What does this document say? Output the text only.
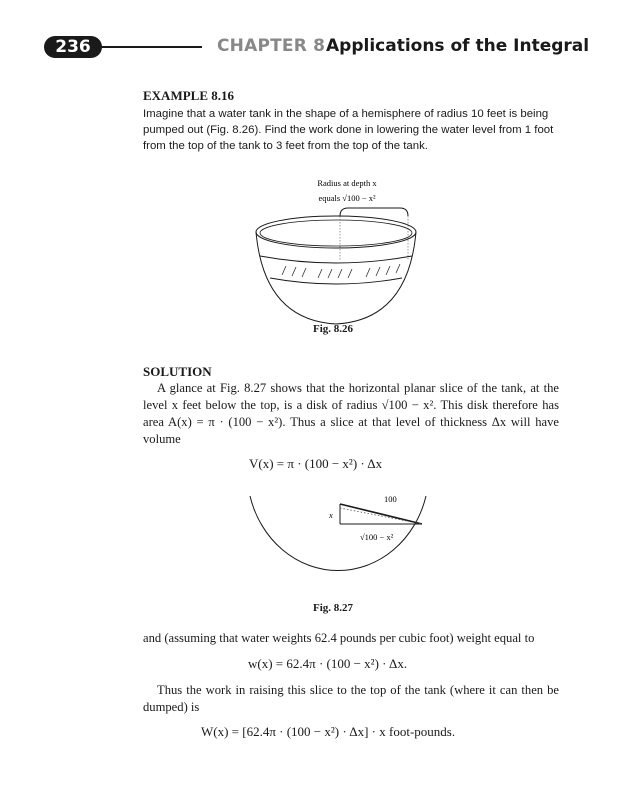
236	CHAPTER 8 Applications of the Integral
EXAMPLE 8.16
Imagine that a water tank in the shape of a hemisphere of radius 10 feet is being pumped out (Fig. 8.26). Find the work done in lowering the water level from 1 foot from the top of the tank to 3 feet from the top of the tank.
Radius at depth x
equals √100 − x²
Fig. 8.26
SOLUTION
A glance at Fig. 8.27 shows that the horizontal planar slice of the tank, at the level x feet below the top, is a disk of radius √100 − x². This disk therefore has area A(x) = π · (100 − x²). Thus a slice at that level of thickness Δx will have volume
V(x) = π · (100 − x²) · Δx
100
x
√100 − x²
Fig. 8.27
and (assuming that water weights 62.4 pounds per cubic foot) weight equal to
w(x) = 62.4π · (100 − x²) · Δx.
Thus the work in raising this slice to the top of the tank (where it can then be dumped) is
W(x) = [62.4π · (100 − x²) · Δx] · x foot-pounds.
